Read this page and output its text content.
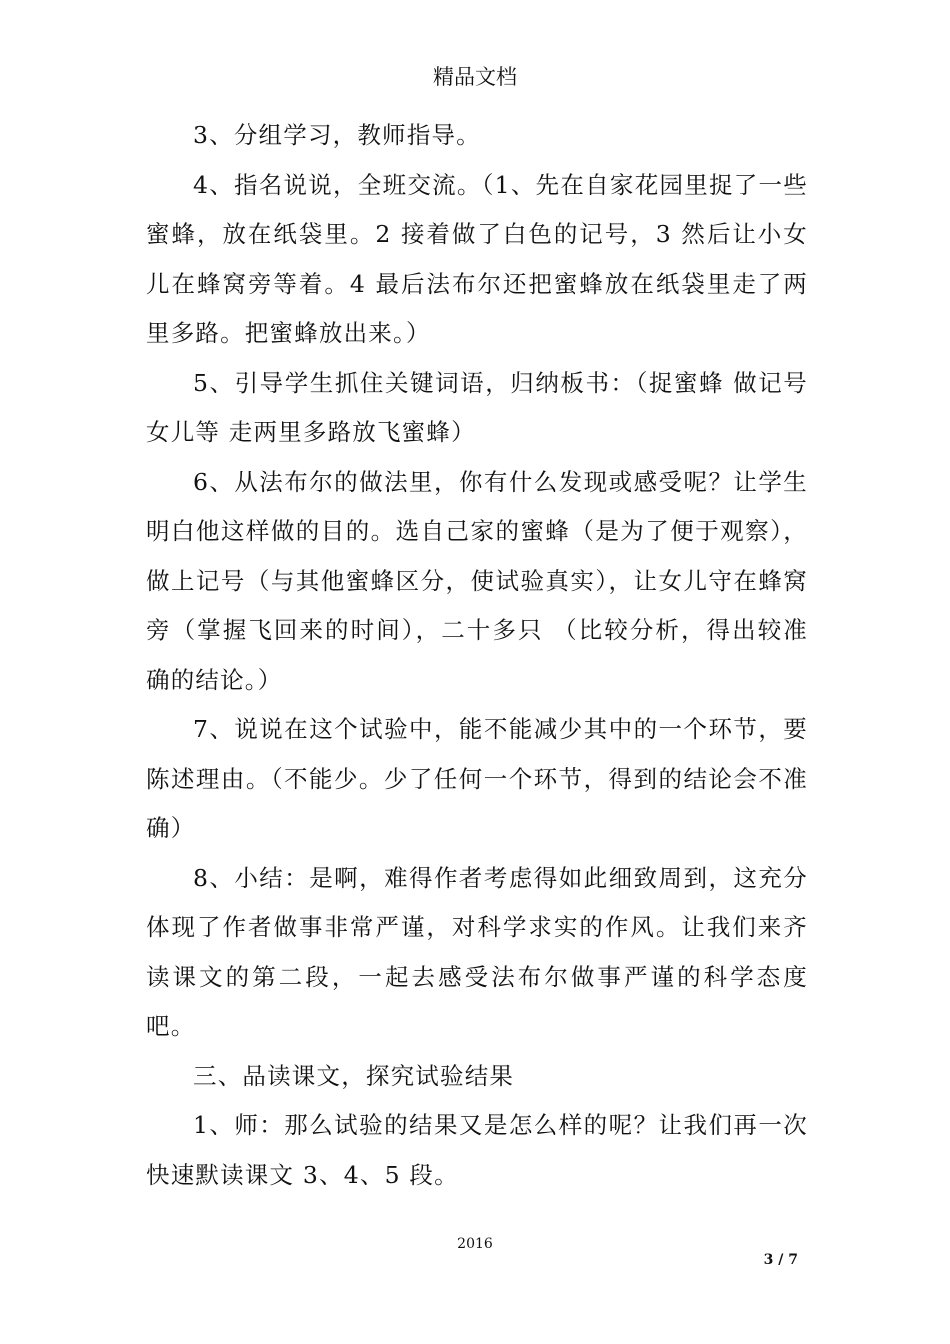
精品文档

3、分组学习，教师指导。

4、指名说说，全班交流。（1、先在自家花园里捉了一些蜜蜂，放在纸袋里。2 接着做了白色的记号，3 然后让小女儿在蜂窝旁等着。4 最后法布尔还把蜜蜂放在纸袋里走了两里多路。把蜜蜂放出来。）

5、引导学生抓住关键词语，归纳板书：（捉蜜蜂 做记号 女儿等 走两里多路放飞蜜蜂）

6、从法布尔的做法里，你有什么发现或感受呢？让学生明白他这样做的目的。选自己家的蜜蜂（是为了便于观察），做上记号（与其他蜜蜂区分，使试验真实），让女儿守在蜂窝旁（掌握飞回来的时间），二十多只 （比较分析，得出较准确的结论。）

7、说说在这个试验中，能不能减少其中的一个环节，要陈述理由。（不能少。少了任何一个环节，得到的结论会不准确）

8、小结：是啊，难得作者考虑得如此细致周到，这充分体现了作者做事非常严谨，对科学求实的作风。让我们来齐读课文的第二段，一起去感受法布尔做事严谨的科学态度吧。

三、品读课文，探究试验结果

1、师：那么试验的结果又是怎么样的呢？让我们再一次快速默读课文 3、4、5 段。

2016
3 / 7
